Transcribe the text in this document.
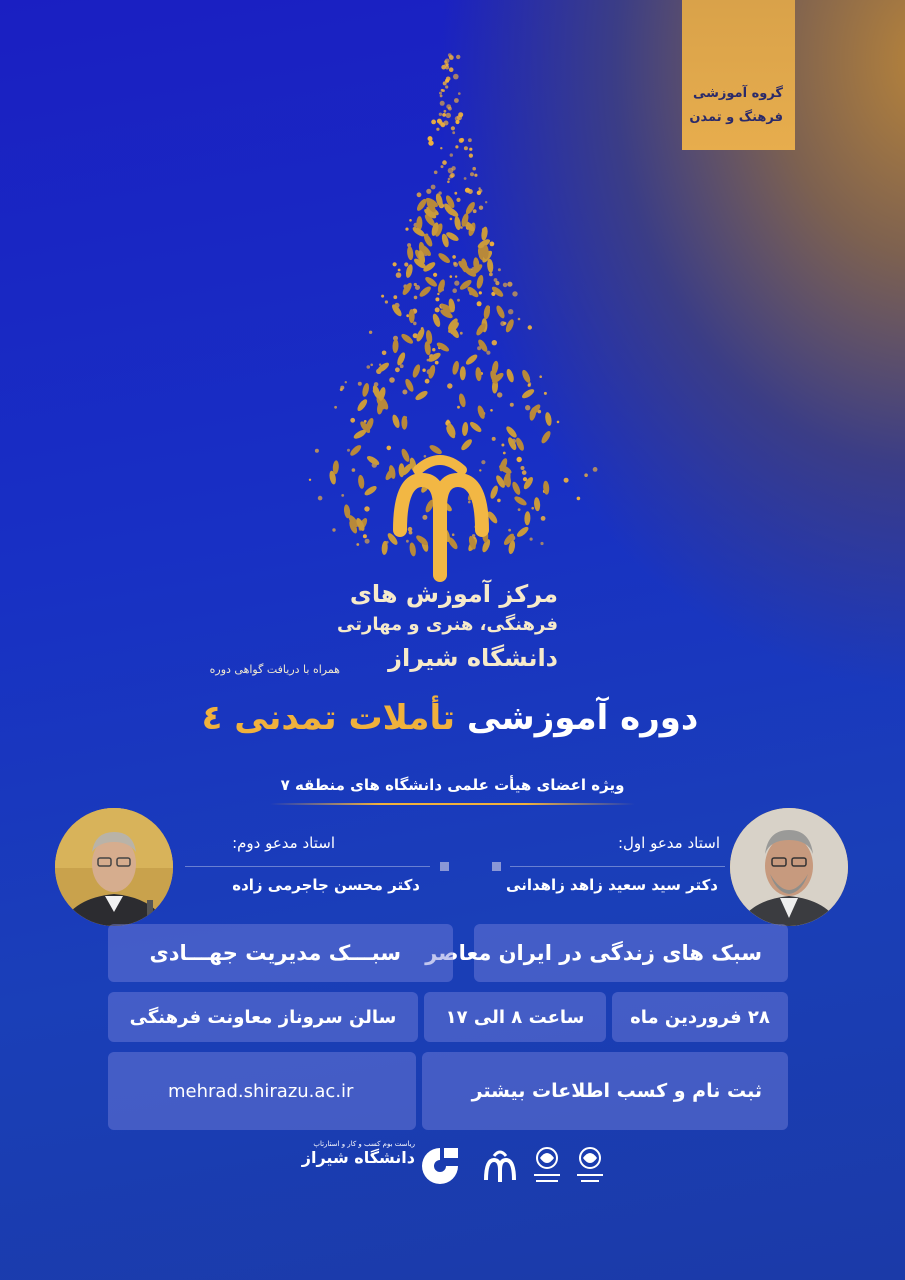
گروه آموزشی
فرهنگ و تمدن
مرکز آموزش های
فرهنگی، هنری و مهارتی
دانشگاه شیراز
همراه با دریافت گواهی دوره
دوره آموزشی تأملات تمدنی ٤
ویژه اعضای هیأت علمی دانشگاه های منطقه ۷
استاد مدعو اول:
دکتر سید سعید زاهد زاهدانی
استاد مدعو دوم:
دکتر محسن جاجرمی زاده
سبک های زندگی در ایران معاصر
سبـــک مدیریت جهـــادی
۲۸ فروردین ماه
ساعت ۸ الی ۱۷
سالن سروناز معاونت فرهنگی
ثبت نام و کسب اطلاعات بیشتر
mehrad.shirazu.ac.ir
دانشگاه شیراز
ریاست بوم کسب و کار و استارتاپ
